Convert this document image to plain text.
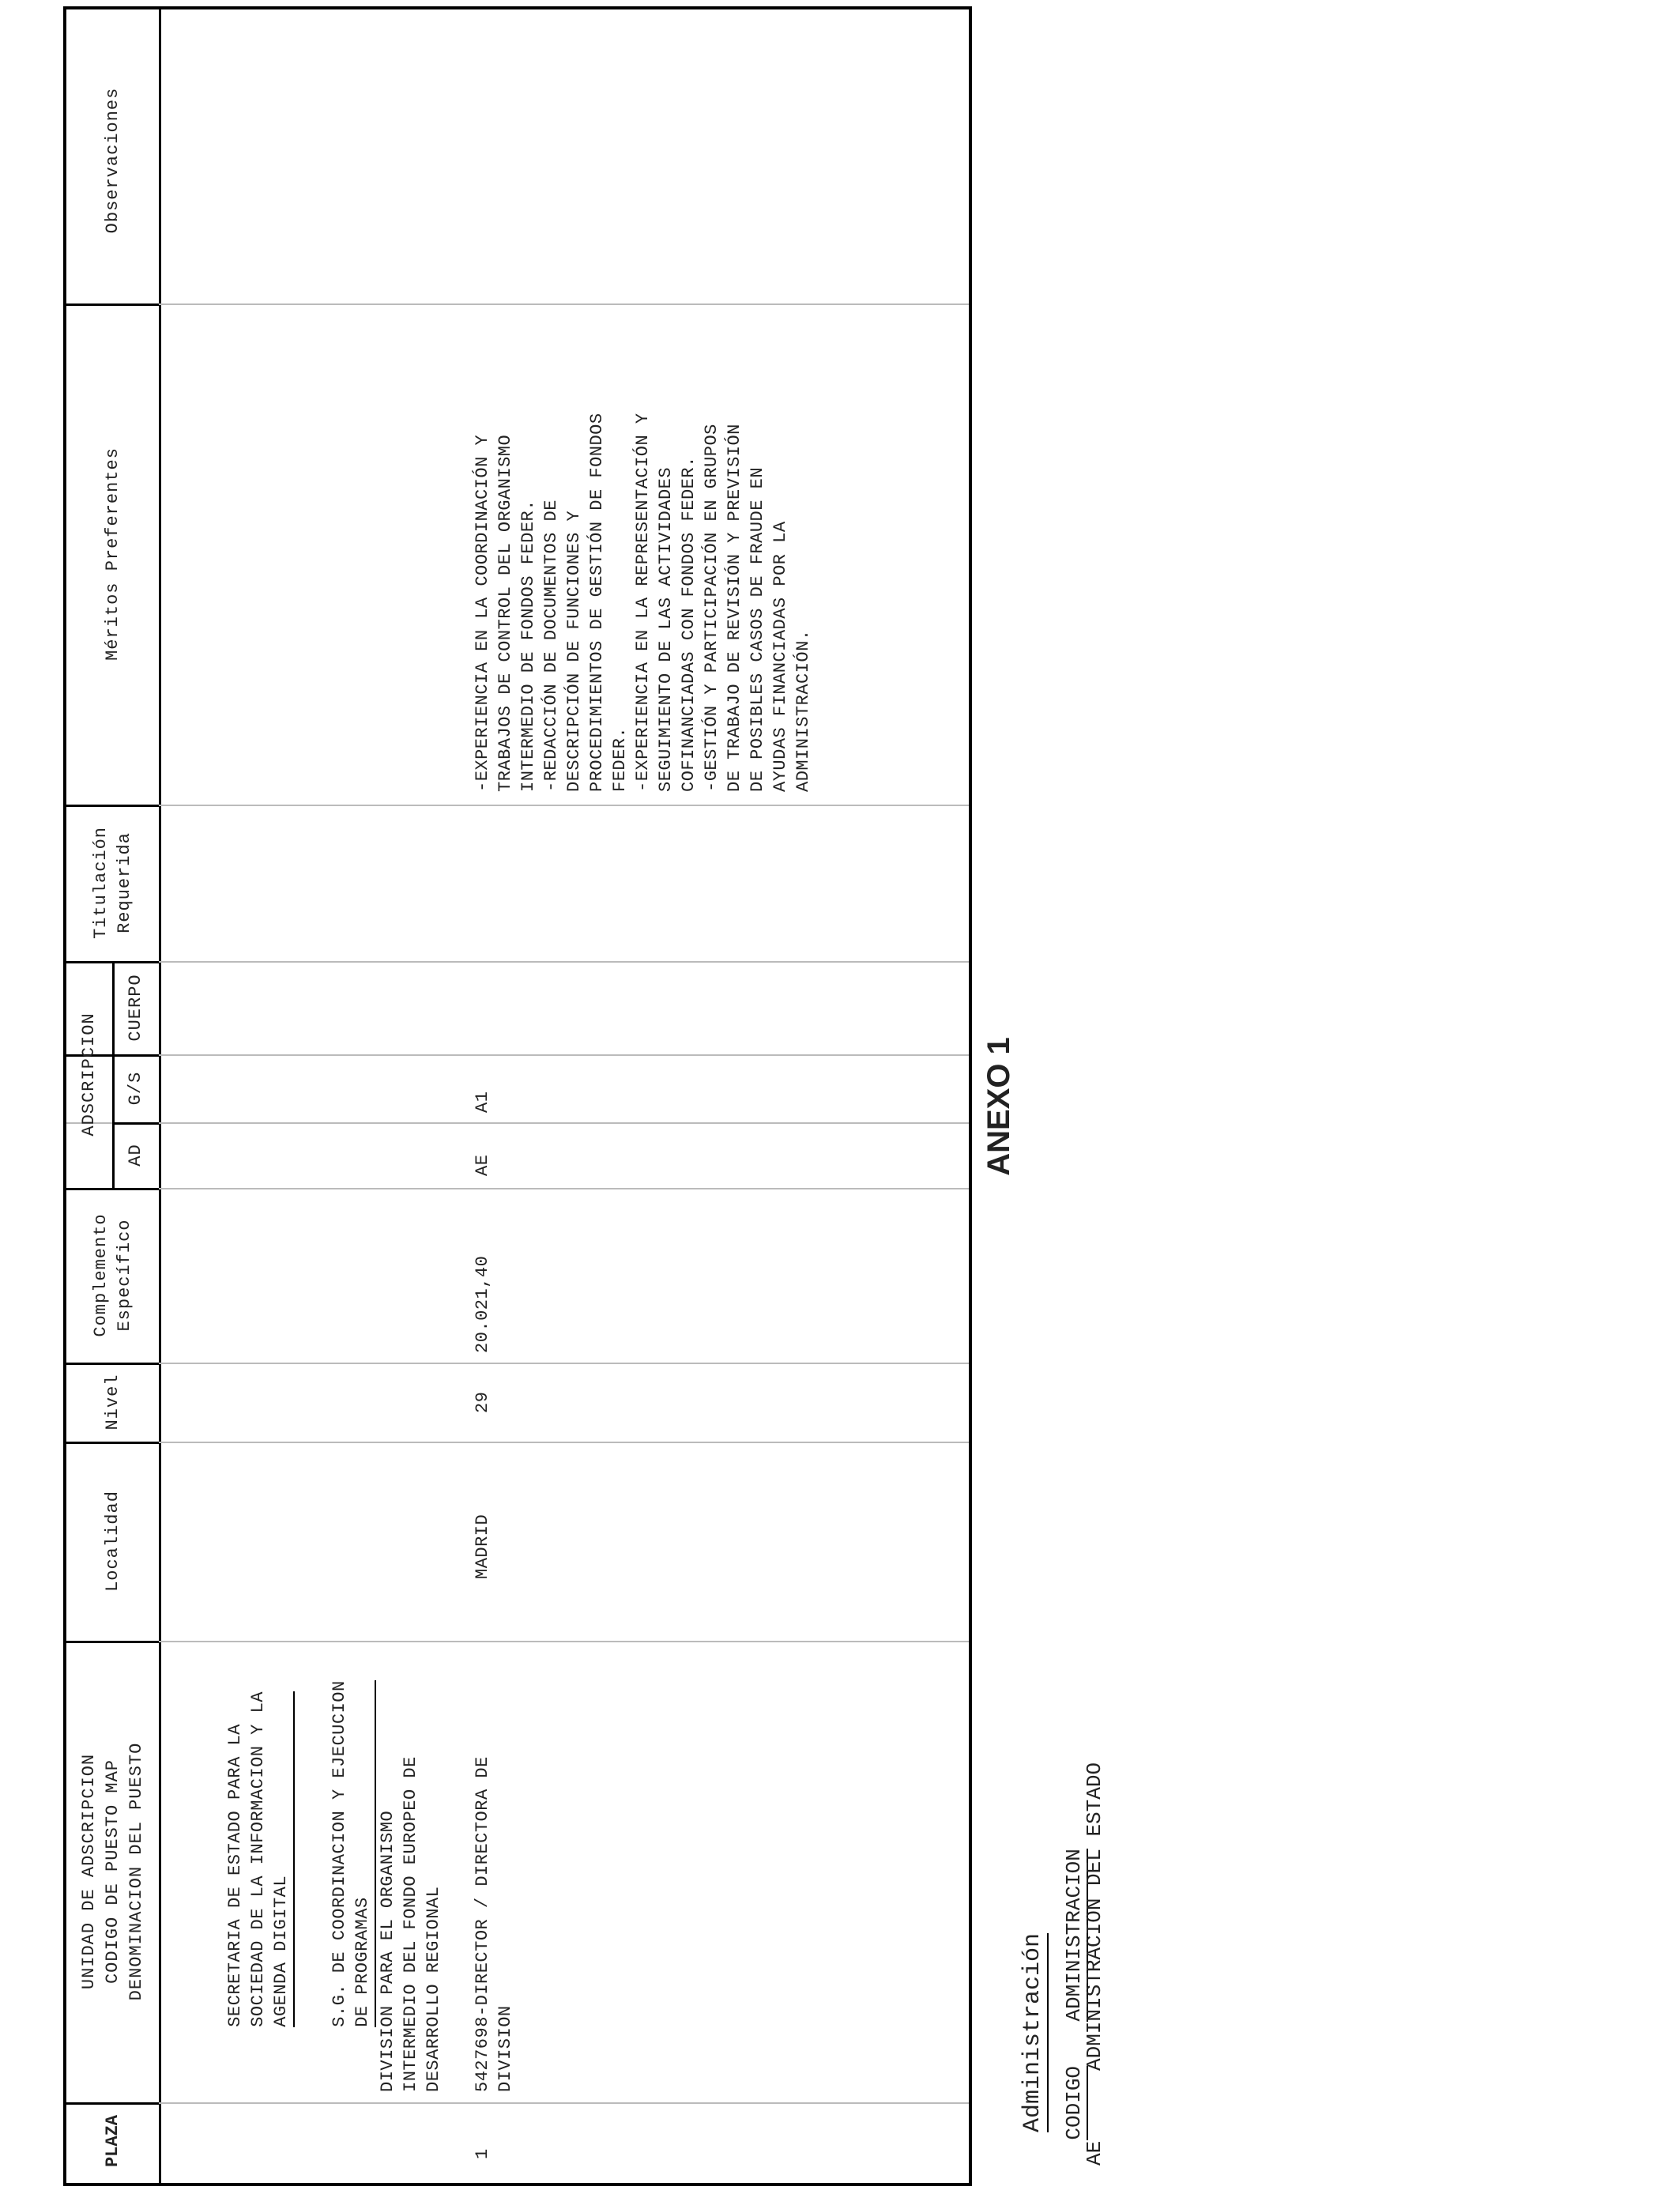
ANEXO 1
PLAZA
UNIDAD DE ADSCRIPCION
CODIGO DE PUESTO MAP
DENOMINACION DEL PUESTO
Localidad
Nivel
Complemento
Específico
ADSCRIPCION
AD
G/S
CUERPO
Titulación
Requerida
Méritos Preferentes
Observaciones

SECRETARIA DE ESTADO PARA LA
SOCIEDAD DE LA INFORMACION Y LA
AGENDA DIGITAL

S.G. DE COORDINACION Y EJECUCION
DE PROGRAMAS

DIVISION PARA EL ORGANISMO
INTERMEDIO DEL FONDO EUROPEO DE
DESARROLLO REGIONAL
1
5427698-DIRECTOR / DIRECTORA DE
DIVISION
MADRID
29
20.021,40
AE
A1
-EXPERIENCIA EN LA COORDINACIÓN Y
TRABAJOS DE CONTROL DEL ORGANISMO
INTERMEDIO DE FONDOS FEDER.
-REDACCIÓN DE DOCUMENTOS DE
DESCRIPCIÓN DE FUNCIONES Y
PROCEDIMIENTOS DE GESTIÓN DE FONDOS
FEDER.
-EXPERIENCIA EN LA REPRESENTACIÓN Y
SEGUIMIENTO DE LAS ACTIVIDADES
COFINANCIADAS CON FONDOS FEDER.
-GESTIÓN Y PARTICIPACIÓN EN GRUPOS
DE TRABAJO DE REVISIÓN Y PREVISIÓN
DE POSIBLES CASOS DE FRAUDE EN
AYUDAS FINANCIADAS POR LA
ADMINISTRACIÓN.

Administración
CODIGO

ADMINISTRACION

AE
ADMINISTRACION DEL ESTADO
